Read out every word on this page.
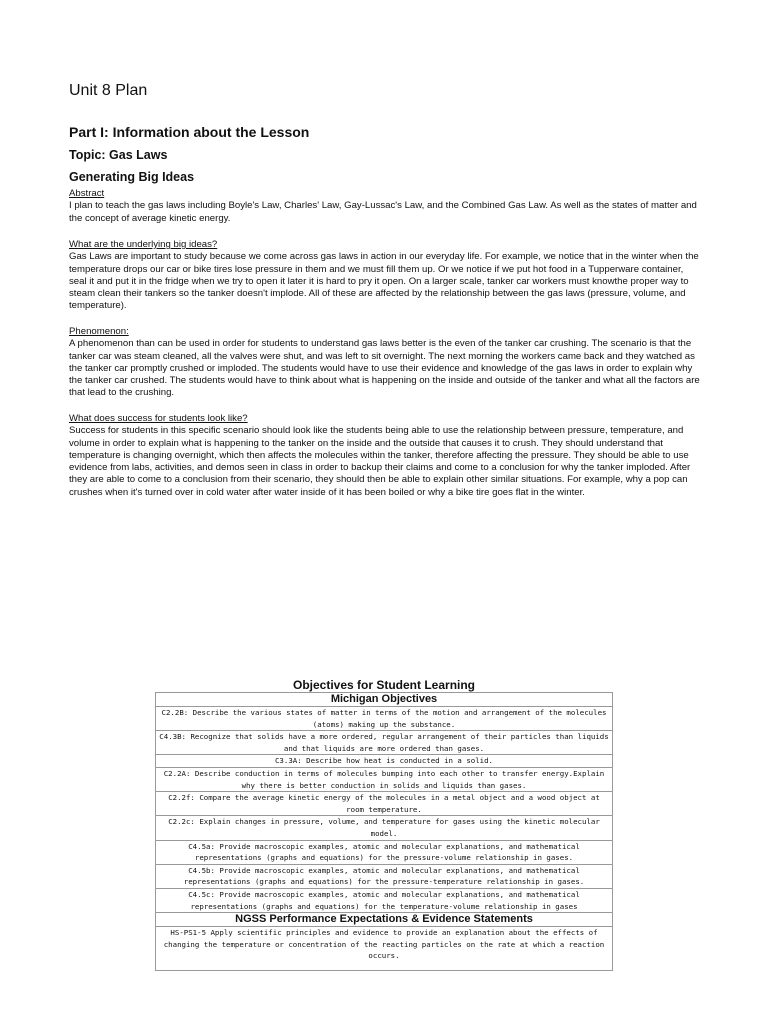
Unit 8 Plan
Part I: Information about the Lesson
Topic: Gas Laws
Generating Big Ideas
Abstract

I plan to teach the gas laws including Boyle's Law, Charles' Law, Gay-Lussac's Law, and the Combined Gas Law. As well as the states of matter and the concept of average kinetic energy.

What are the underlying big ideas?

Gas Laws are important to study because we come across gas laws in action in our everyday life. For example, we notice that in the winter when the temperature drops our car or bike tires lose pressure in them and we must fill them up. Or we notice if we put hot food in a Tupperware container, seal it and put it in the fridge when we try to open it later it is hard to pry it open. On a larger scale, tanker car workers must knowthe proper way to steam clean their tankers so the tanker doesn't implode. All of these are affected by the relationship between the gas laws (pressure, volume, and temperature).

Phenomenon:

A phenomenon than can be used in order for students to understand gas laws better is the even of the tanker car crushing. The scenario is that the tanker car was steam cleaned, all the valves were shut, and was left to sit overnight. The next morning the workers came back and they watched as the tanker car promptly crushed or imploded. The students would have to use their evidence and knowledge of the gas laws in order to explain why the tanker car crushed. The students would have to think about what is happening on the inside and outside of the tanker and what all the factors are that lead to the crushing.

What does success for students look like?

Success for students in this specific scenario should look like the students being able to use the relationship between pressure, temperature, and volume in order to explain what is happening to the tanker on the inside and the outside that causes it to crush. They should understand that temperature is changing overnight, which then affects the molecules within the tanker, therefore affecting the pressure. They should be able to use evidence from labs, activities, and demos seen in class in order to backup their claims and come to a conclusion for why the tanker imploded. After they are able to come to a conclusion from their scenario, they should then be able to explain other similar situations. For example, why a pop can crushes when it's turned over in cold water after water inside of it has been boiled or why a bike tire goes flat in the winter.

Objectives for Student Learning
Michigan Objectives
C2.2B: Describe the various states of matter in terms of the motion and arrangement of the molecules (atoms) making up the substance.
C4.3B: Recognize that solids have a more ordered, regular arrangement of their particles than liquids and that liquids are more ordered than gases.
C3.3A: Describe how heat is conducted in a solid.
C2.2A: Describe conduction in terms of molecules bumping into each other to transfer energy.Explain why there is better conduction in solids and liquids than gases.
C2.2f: Compare the average kinetic energy of the molecules in a metal object and a wood object at room temperature.
C2.2c: Explain changes in pressure, volume, and temperature for gases using the kinetic molecular model.
C4.5a: Provide macroscopic examples, atomic and molecular explanations, and mathematical representations (graphs and equations) for the pressure-volume relationship in gases.
C4.5b: Provide macroscopic examples, atomic and molecular explanations, and mathematical representations (graphs and equations) for the pressure-temperature relationship in gases.
C4.5c: Provide macroscopic examples, atomic and molecular explanations, and mathematical representations (graphs and equations) for the temperature-volume relationship in gases
NGSS Performance Expectations & Evidence Statements
HS-PS1-5 Apply scientific principles and evidence to provide an explanation about the effects of changing the temperature or concentration of the reacting particles on the rate at which a reaction occurs.
